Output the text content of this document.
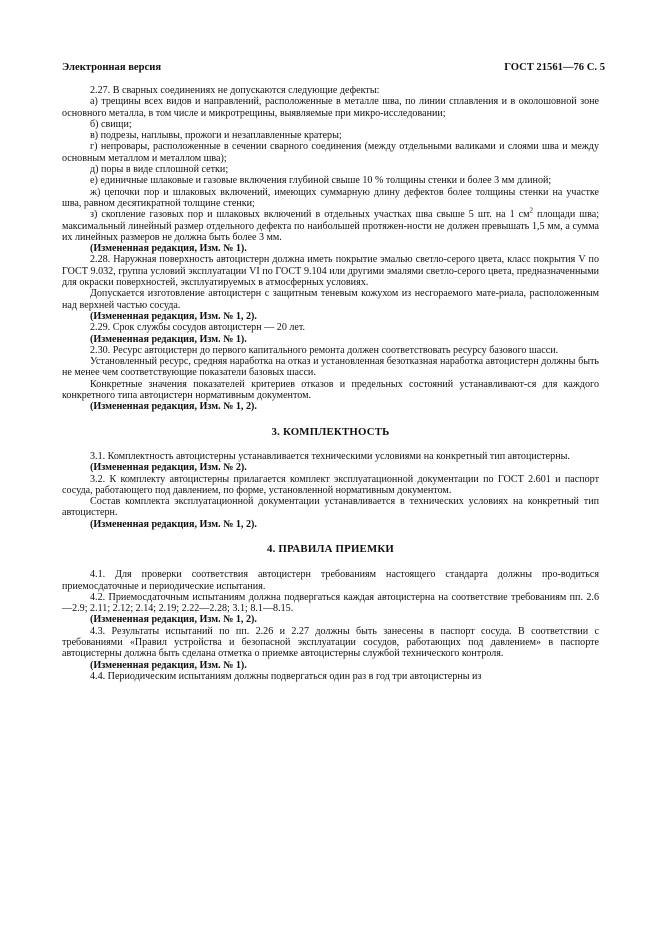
Электронная версия	ГОСТ 21561—76 С. 5

2.27. В сварных соединениях не допускаются следующие дефекты:

а) трещины всех видов и направлений, расположенные в металле шва, по линии сплавления и в околошовной зоне основного металла, в том числе и микротрещины, выявляемые при микро-исследовании;

б) свищи;

в) подрезы, наплывы, прожоги и незаплавленные кратеры;

г) непровары, расположенные в сечении сварного соединения (между отдельными валиками и слоями шва и между основным металлом и металлом шва);

д) поры в виде сплошной сетки;

е) единичные шлаковые и газовые включения глубиной свыше 10 % толщины стенки и более 3 мм длиной;

ж) цепочки пор и шлаковых включений, имеющих суммарную длину дефектов более толщины стенки на участке шва, равном десятикратной толщине стенки;

з) скопление газовых пор и шлаковых включений в отдельных участках шва свыше 5 шт. на 1 $см^2$ площади шва; максимальный линейный размер отдельного дефекта по наибольшей протяжен-ности не должен превышать 1,5 мм, а сумма их линейных размеров не должна быть более 3 мм.

(Измененная редакция, Изм. № 1).

2.28. Наружная поверхность автоцистерн должна иметь покрытие эмалью светло-серого цвета, класс покрытия V по ГОСТ 9.032, группа условий эксплуатации VI по ГОСТ 9.104 или другими эмалями светло-серого цвета, предназначенными для окраски поверхностей, эксплуатируемых в атмосферных условиях.

Допускается изготовление автоцистерн с защитным теневым кожухом из несгораемого мате-риала, расположенным над верхней частью сосуда.

(Измененная редакция, Изм. № 1, 2).

2.29. Срок службы сосудов автоцистерн — 20 лет.

(Измененная редакция, Изм. № 1).

2.30. Ресурс автоцистерн до первого капитального ремонта должен соответствовать ресурсу базового шасси.

Установленный ресурс, средняя наработка на отказ и установленная безотказная наработка автоцистерн должны быть не менее чем соответствующие показатели базовых шасси.

Конкретные значения показателей критериев отказов и предельных состояний устанавливают-ся для каждого конкретного типа автоцистерн нормативным документом.

(Измененная редакция, Изм. № 1, 2).

3. КОМПЛЕКТНОСТЬ

3.1. Комплектность автоцистерны устанавливается техническими условиями на конкретный тип автоцистерны.

(Измененная редакция, Изм. № 2).

3.2. К комплекту автоцистерны прилагается комплект эксплуатационной документации по ГОСТ 2.601 и паспорт сосуда, работающего под давлением, по форме, установленной нормативным документом.

Состав комплекта эксплуатационной документации устанавливается в технических условиях на конкретный тип автоцистерн.

(Измененная редакция, Изм. № 1, 2).

4. ПРАВИЛА ПРИЕМКИ

4.1. Для проверки соответствия автоцистерн требованиям настоящего стандарта должны про-водиться приемосдаточные и периодические испытания.

4.2. Приемосдаточным испытаниям должна подвергаться каждая автоцистерна на соответствие требованиям пп. 2.6—2.9; 2.11; 2.12; 2.14; 2.19; 2.22—2.28; 3.1; 8.1—8.15.

(Измененная редакция, Изм. № 1, 2).

4.3. Результаты испытаний по пп. 2.26 и 2.27 должны быть занесены в паспорт сосуда. В соответствии с требованиями «Правил устройства и безопасной эксплуатации сосудов, работающих под давлением» в паспорте автоцистерны должна быть сделана отметка о приемке автоцистерны службой технического контроля.

(Измененная редакция, Изм. № 1).

4.4. Периодическим испытаниям должны подвергаться один раз в год три автоцистерны из
